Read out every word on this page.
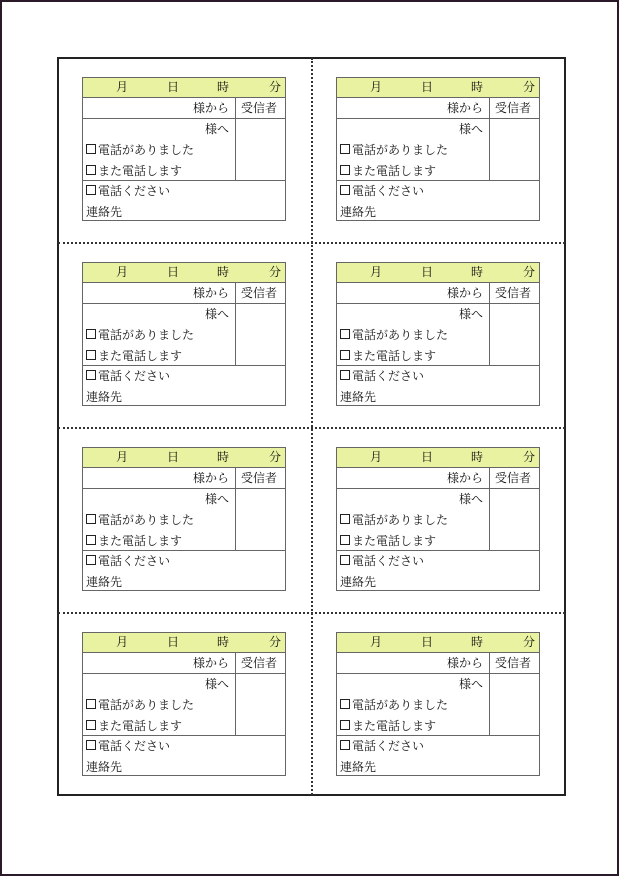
月	日	時	分
様から 受信者
様へ
電話がありました
また電話します
電話ください
連絡先
月	日	時	分
様から 受信者
様へ
電話がありました
また電話します
電話ください
連絡先
月	日	時	分
様から 受信者
様へ
電話がありました
また電話します
電話ください
連絡先
月	日	時	分
様から 受信者
様へ
電話がありました
また電話します
電話ください
連絡先
月	日	時	分
様から 受信者
様へ
電話がありました
また電話します
電話ください
連絡先
月	日	時	分
様から 受信者
様へ
電話がありました
また電話します
電話ください
連絡先
月	日	時	分
様から 受信者
様へ
電話がありました
また電話します
電話ください
連絡先
月	日	時	分
様から 受信者
様へ
電話がありました
また電話します
電話ください
連絡先
